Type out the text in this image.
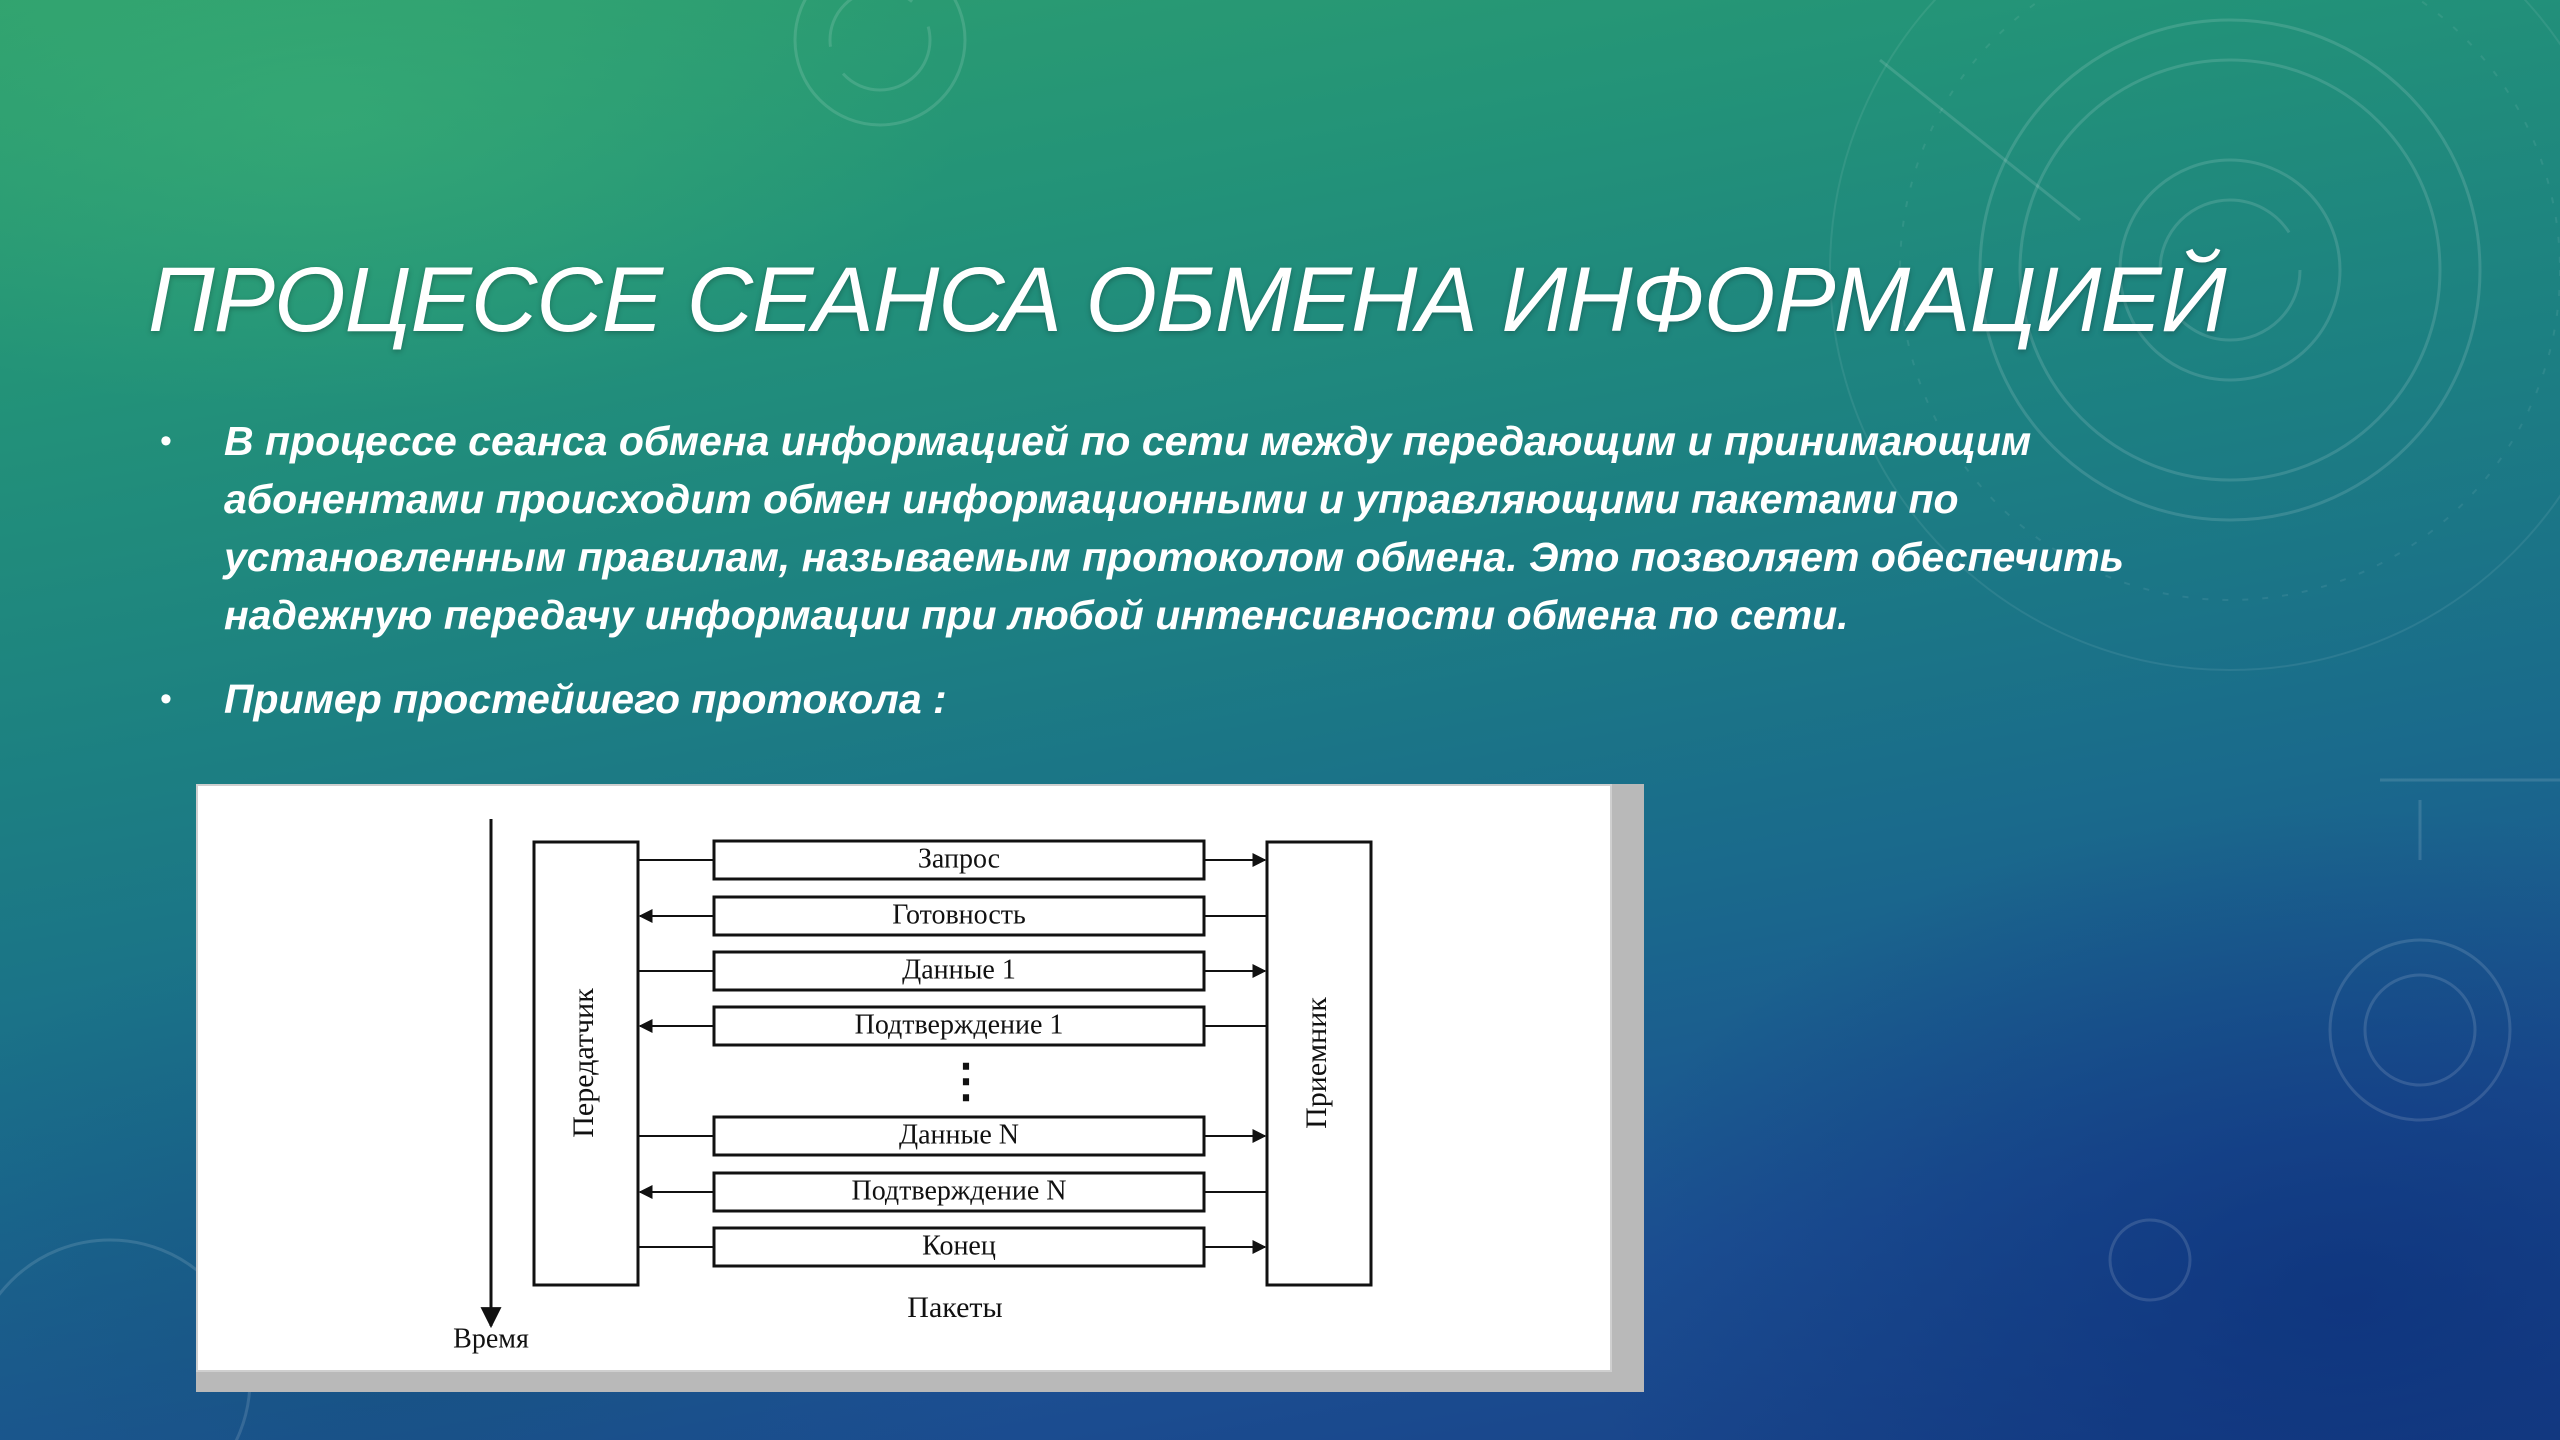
ПРОЦЕССЕ СЕАНСА ОБМЕНА ИНФОРМАЦИЕЙ
• В процессе сеанса обмена информацией по сети между передающим и принимающим абонентами происходит обмен информационными и управляющими пакетами по установленным правилам, называемым протоколом обмена. Это позволяет обеспечить надежную передачу информации при любой интенсивности обмена по сети.
• Пример простейшего протокола :
Время
Передатчик	Приемник
Запрос
Готовность
Данные 1
Подтверждение 1
Данные N
Подтверждение N
Конец
⋮
Пакеты
